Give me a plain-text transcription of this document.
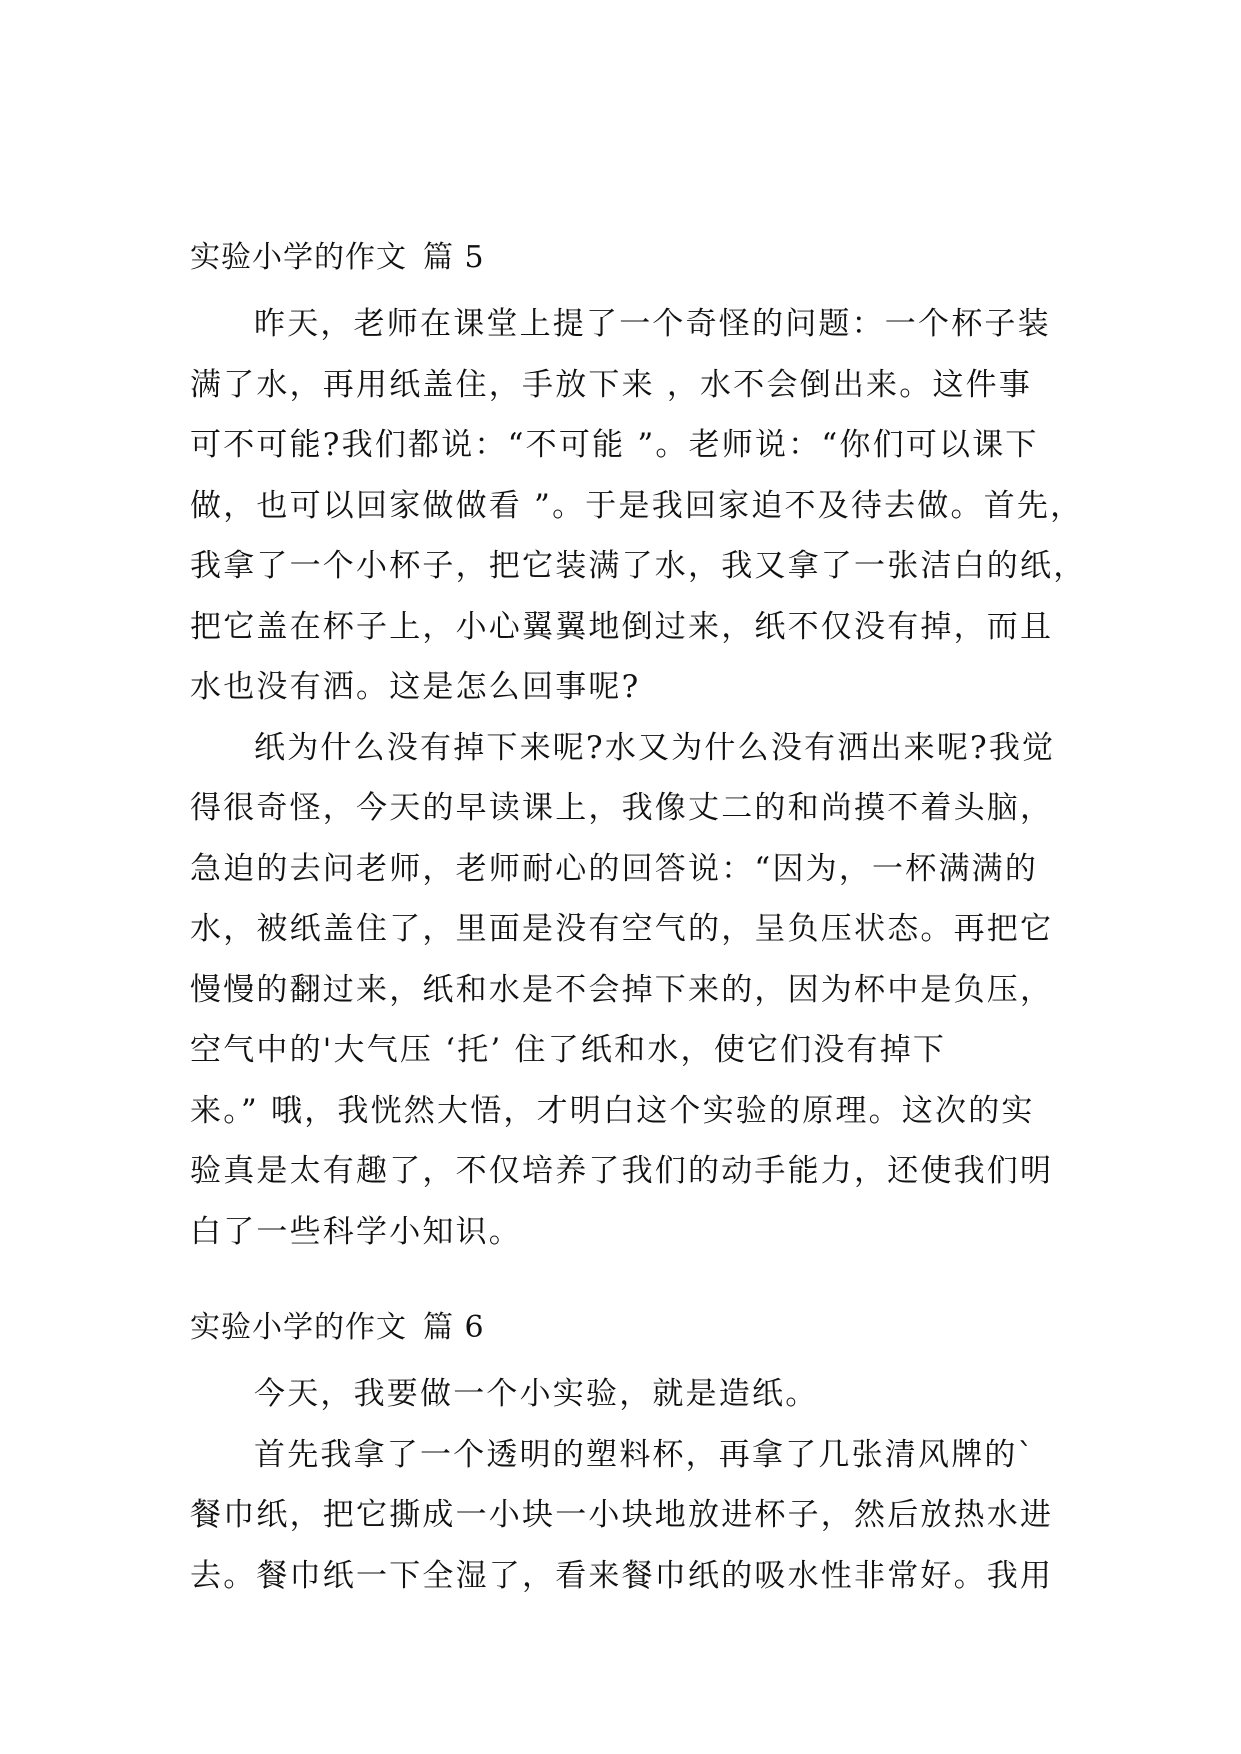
实验小学的作文 篇 5
昨天，老师在课堂上提了一个奇怪的问题：一个杯子装
满了水，再用纸盖住，手放下来 ，水不会倒出来。这件事
可不可能?我们都说：“不可能 ”。老师说：“你们可以课下
做，也可以回家做做看 ”。于是我回家迫不及待去做。首先，
我拿了一个小杯子，把它装满了水，我又拿了一张洁白的纸，
把它盖在杯子上，小心翼翼地倒过来，纸不仅没有掉，而且
水也没有洒。这是怎么回事呢?
纸为什么没有掉下来呢?水又为什么没有洒出来呢?我觉
得很奇怪，今天的早读课上，我像丈二的和尚摸不着头脑，
急迫的去问老师，老师耐心的回答说：“因为，一杯满满的
水，被纸盖住了，里面是没有空气的，呈负压状态。再把它
慢慢的翻过来，纸和水是不会掉下来的，因为杯中是负压，
空气中的'大气压 ‘托’ 住了纸和水，使它们没有掉下
来。” 哦，我恍然大悟，才明白这个实验的原理。这次的实
验真是太有趣了，不仅培养了我们的动手能力，还使我们明
白了一些科学小知识。
实验小学的作文 篇 6
今天，我要做一个小实验，就是造纸。
首先我拿了一个透明的塑料杯，再拿了几张清风牌的`
餐巾纸，把它撕成一小块一小块地放进杯子，然后放热水进
去。餐巾纸一下全湿了，看来餐巾纸的吸水性非常好。我用
